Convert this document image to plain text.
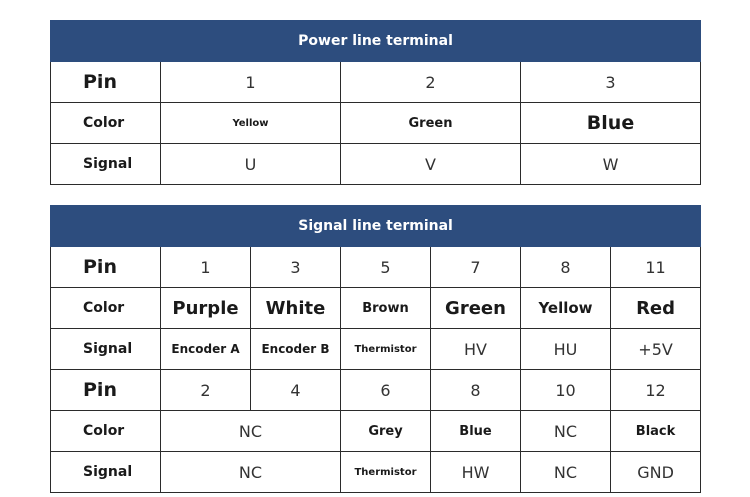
Power line terminal			
Pin	1	2	3
Color	Yellow	Green	Blue
Signal	U	V	W
Signal line terminal						
Pin	1	3	5	7	8	11
Color	Purple	White	Brown	Green	Yellow	Red
Signal	Encoder A	Encoder B	Thermistor	HV	HU	+5V
Pin	2	4	6	8	10	12
Color	NC		Grey	Blue	NC	Black
Signal	NC		Thermistor	HW	NC	GND
